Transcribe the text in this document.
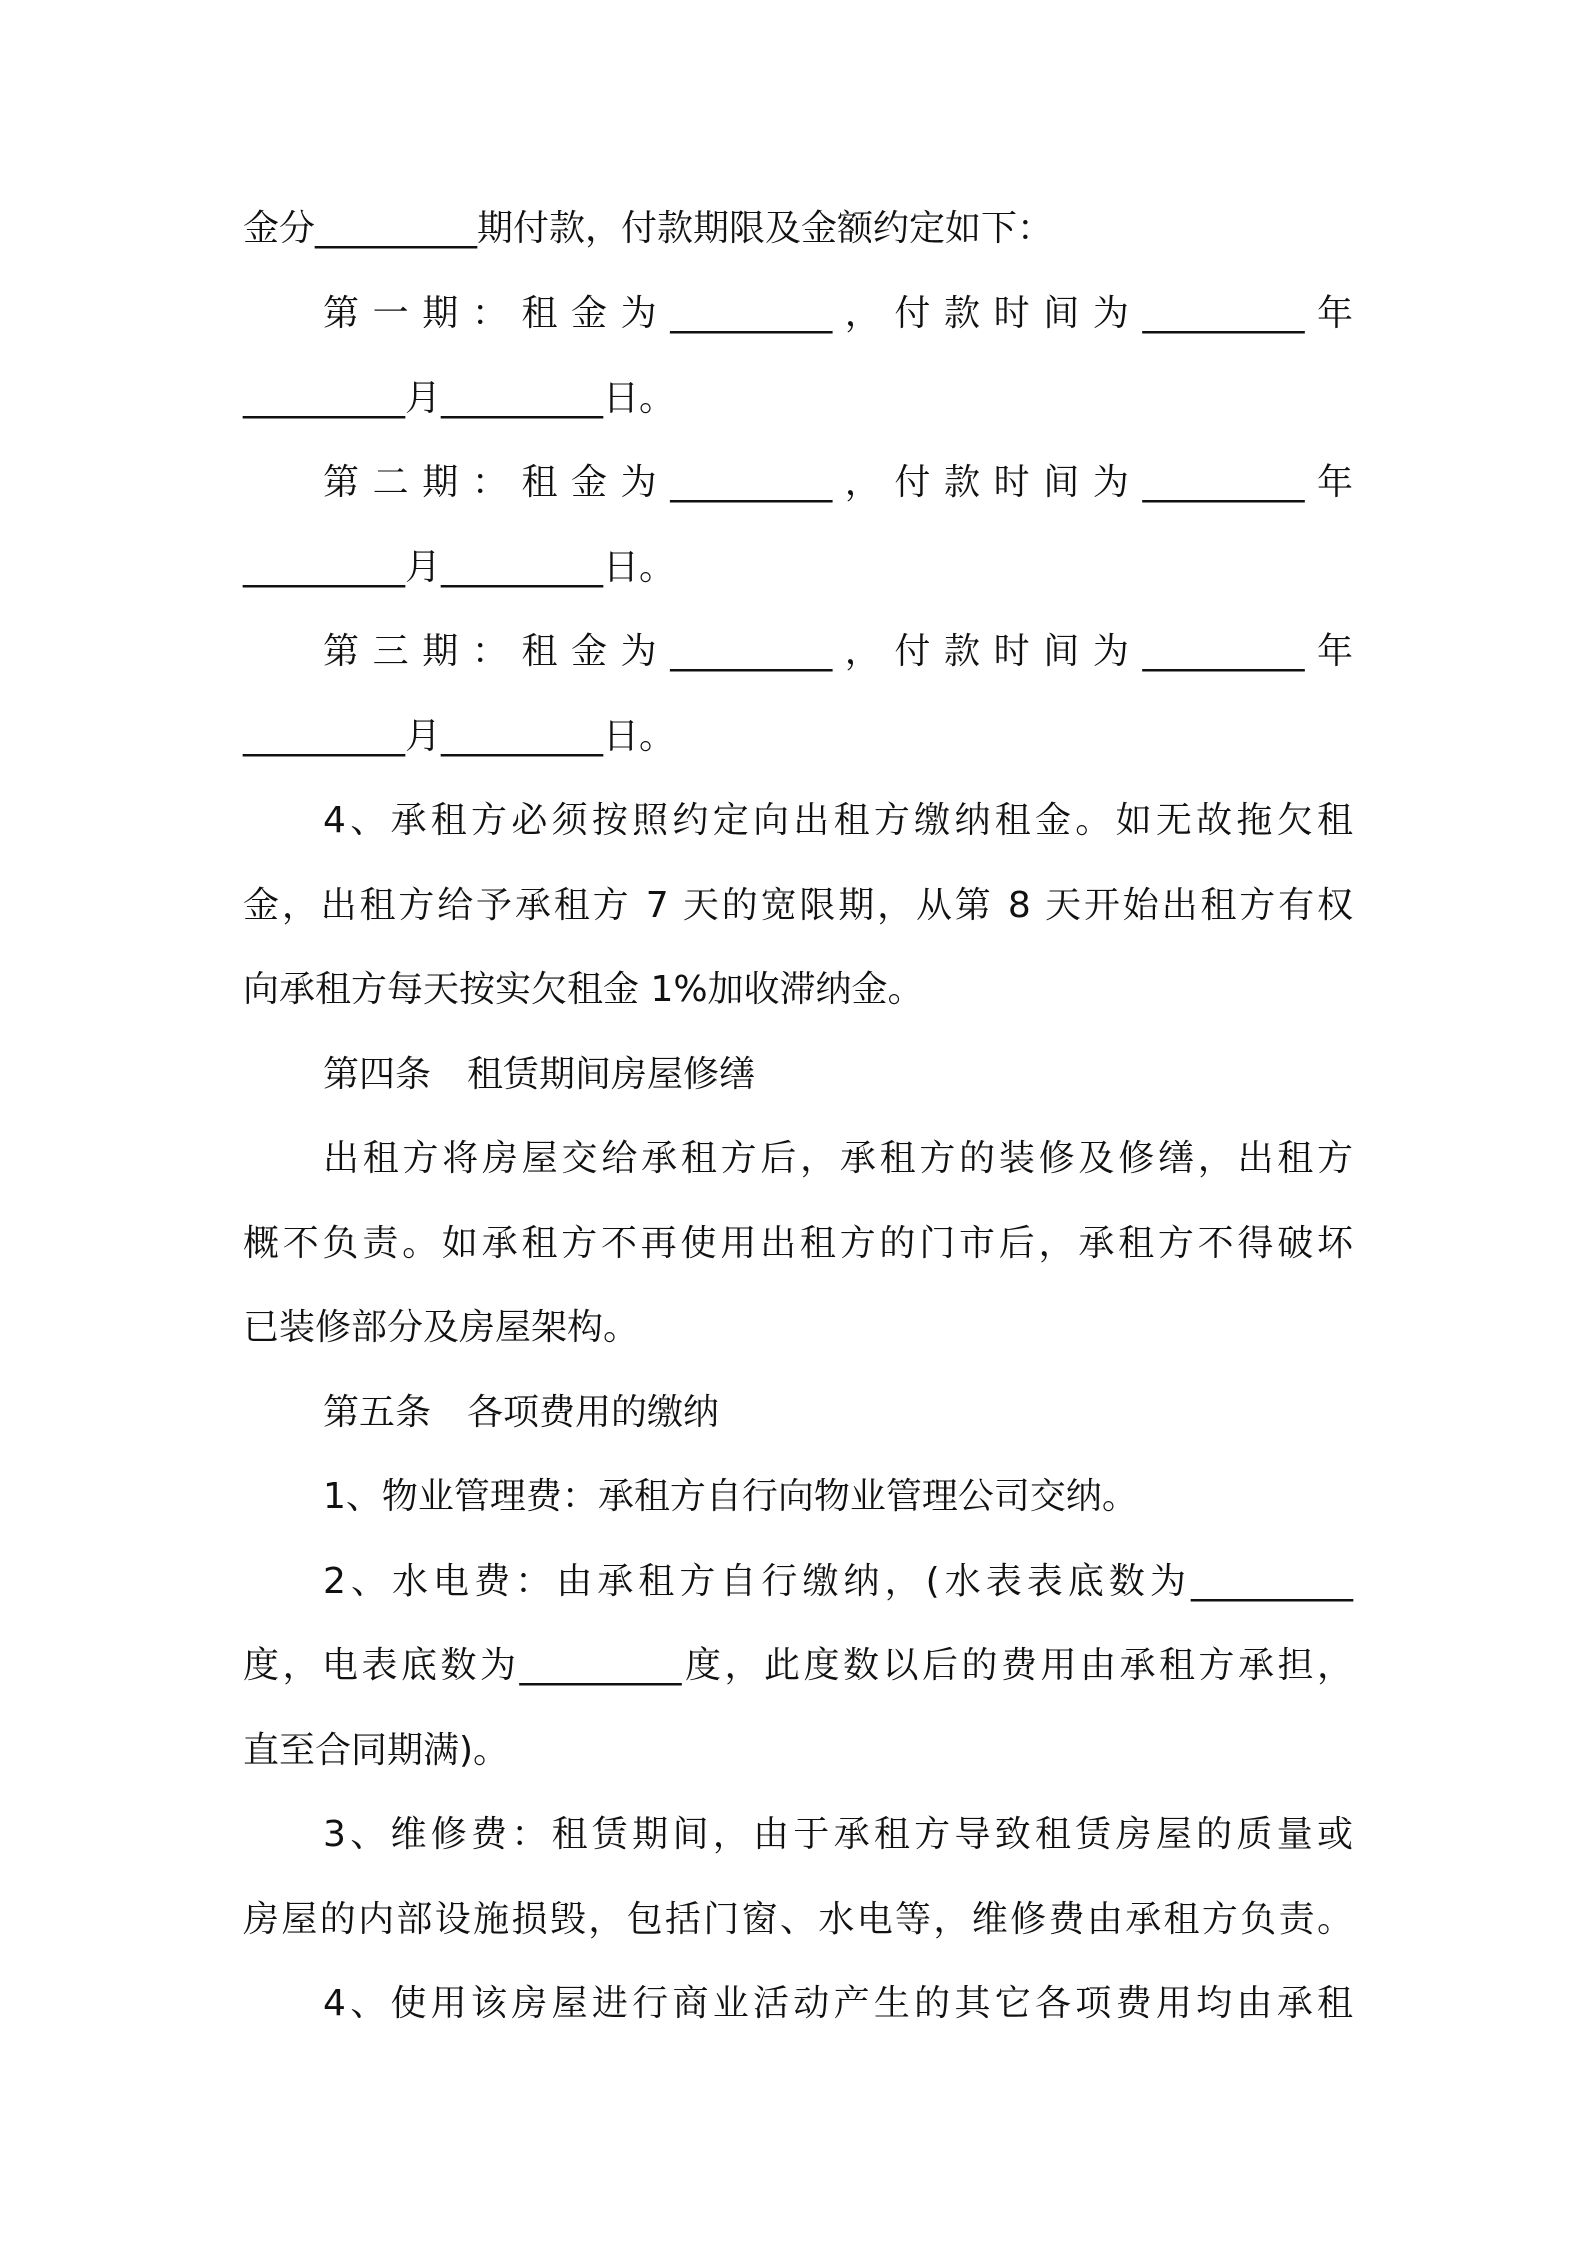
金分_________期付款，付款期限及金额约定如下：
第 一 期 ： 租 金 为 _________ ， 付 款 时 间 为 _________ 年
_________月_________日。
第 二 期 ： 租 金 为 _________ ， 付 款 时 间 为 _________ 年
_________月_________日。
第 三 期 ： 租 金 为 _________ ， 付 款 时 间 为 _________ 年
_________月_________日。
4、承租方必须按照约定向出租方缴纳租金。如无故拖欠租
金，出租方给予承租方 7 天的宽限期，从第 8 天开始出租方有权
向承租方每天按实欠租金 1%加收滞纳金。
第四条　租赁期间房屋修缮
出租方将房屋交给承租方后，承租方的装修及修缮，出租方
概不负责。如承租方不再使用出租方的门市后，承租方不得破坏
已装修部分及房屋架构。
第五条　各项费用的缴纳
1、物业管理费：承租方自行向物业管理公司交纳。
2、水电费：由承租方自行缴纳，(水表表底数为_________
度，电表底数为_________度，此度数以后的费用由承租方承担，
直至合同期满)。
3、维修费：租赁期间，由于承租方导致租赁房屋的质量或
房屋的内部设施损毁，包括门窗、水电等，维修费由承租方负责。
4、使用该房屋进行商业活动产生的其它各项费用均由承租
